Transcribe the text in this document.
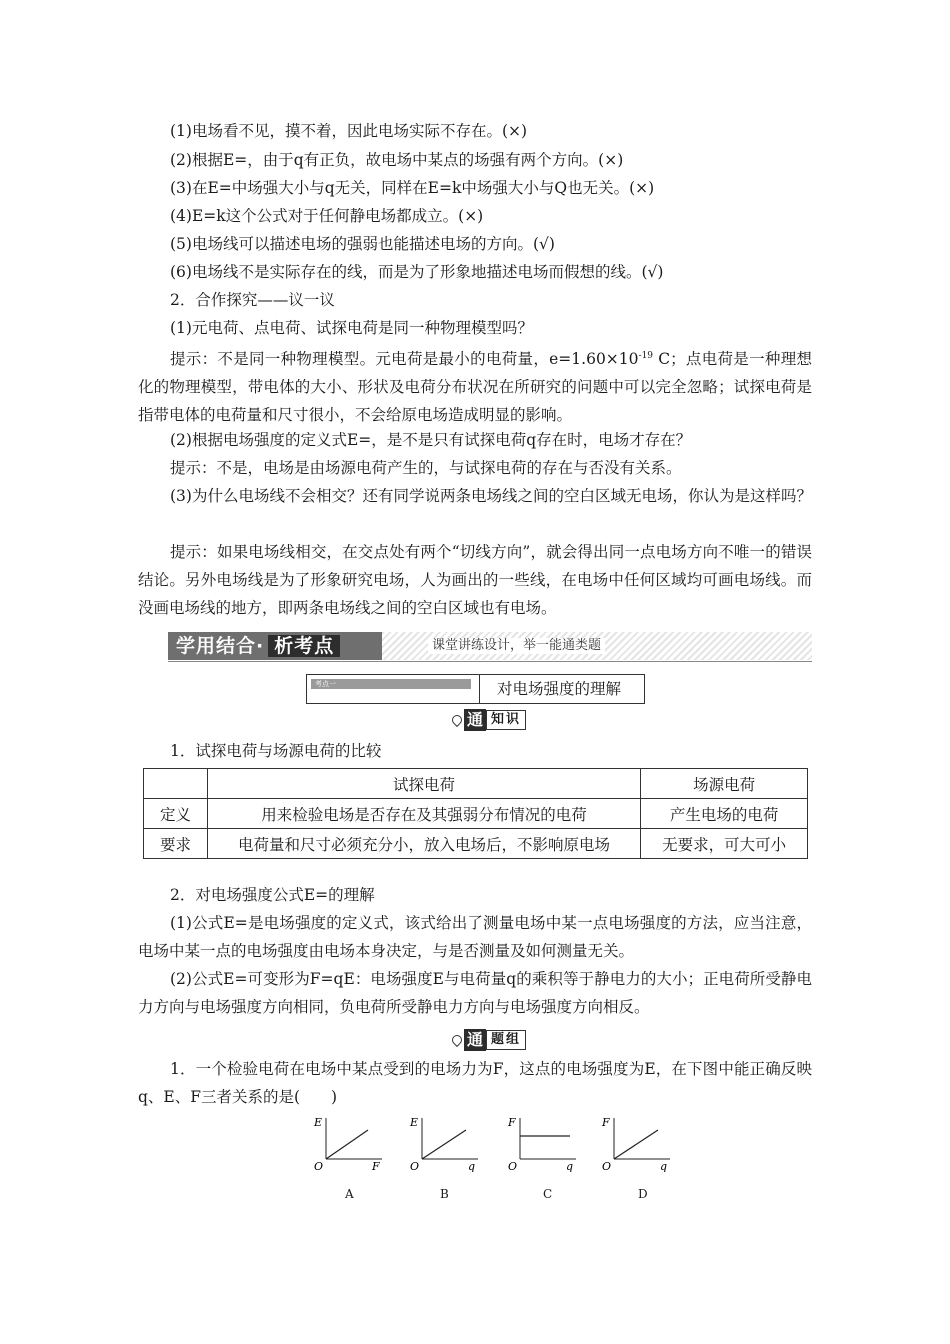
(1)电场看不见，摸不着，因此电场实际不存在。(×)
(2)根据E=，由于q有正负，故电场中某点的场强有两个方向。(×)
(3)在E=中场强大小与q无关，同样在E=k中场强大小与Q也无关。(×)
(4)E=k这个公式对于任何静电场都成立。(×)
(5)电场线可以描述电场的强弱也能描述电场的方向。(√)
(6)电场线不是实际存在的线，而是为了形象地描述电场而假想的线。(√)
2．合作探究——议一议
(1)元电荷、点电荷、试探电荷是同一种物理模型吗？
提示：不是同一种物理模型。元电荷是最小的电荷量，$e=1.60\times 10^{-19}$ C；点电荷是一种理想化的物理模型，带电体的大小、形状及电荷分布状况在所研究的问题中可以完全忽略；试探电荷是指带电体的电荷量和尺寸很小，不会给原电场造成明显的影响。
(2)根据电场强度的定义式E=，是不是只有试探电荷q存在时，电场才存在？
提示：不是，电场是由场源电荷产生的，与试探电荷的存在与否没有关系。
(3)为什么电场线不会相交？还有同学说两条电场线之间的空白区域无电场，你认为是这样吗？
提示：如果电场线相交，在交点处有两个“切线方向”，就会得出同一点电场方向不唯一的错误结论。另外电场线是为了形象研究电场，人为画出的一些线，在电场中任何区域均可画电场线。而没画电场线的地方，即两条电场线之间的空白区域也有电场。
学用结合· 析考点	课堂讲练设计，举一能通类题
考点一	对电场强度的理解
通 知识
1．试探电荷与场源电荷的比较
	试探电荷	场源电荷
定义	用来检验电场是否存在及其强弱分布情况的电荷	产生电场的电荷
要求	电荷量和尺寸必须充分小，放入电场后，不影响原电场	无要求，可大可小
2．对电场强度公式E=的理解
(1)公式E=是电场强度的定义式，该式给出了测量电场中某一点电场强度的方法，应当注意，电场中某一点的电场强度由电场本身决定，与是否测量及如何测量无关。
(2)公式E=可变形为F=qE：电场强度E与电荷量q的乘积等于静电力的大小；正电荷所受静电力方向与电场强度方向相同，负电荷所受静电力方向与电场强度方向相反。
通 题组
1．一个检验电荷在电场中某点受到的电场力为F，这点的电场强度为E，在下图中能正确反映q、E、F三者关系的是(　　)
E
O	F
E
O	q
F
O	q
F
O	q
A	B	C	D
